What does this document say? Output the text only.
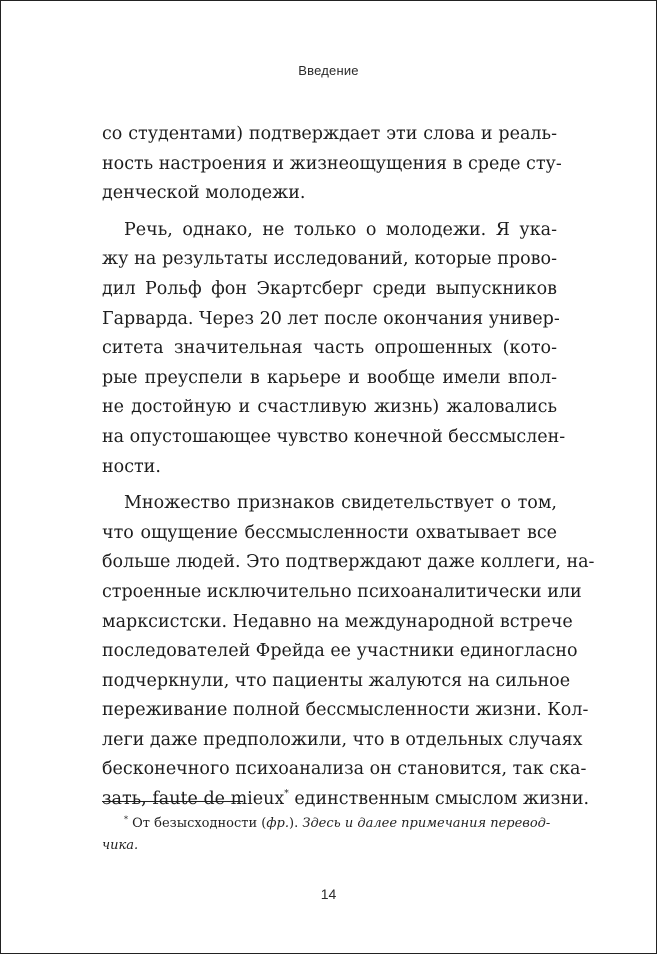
Введение
со студентами) подтверждает эти слова и реаль-
ность настроения и жизнеощущения в среде сту-
денческой молодежи.
Речь, однако, не только о молодежи. Я ука-
жу на результаты исследований, которые прово-
дил Рольф фон Экартсберг среди выпускников
Гарварда. Через 20 лет после окончания универ-
ситета значительная часть опрошенных (кото-
рые преуспели в карьере и вообще имели впол-
не достойную и счастливую жизнь) жаловались
на опустошающее чувство конечной бессмыслен-
ности.
Множество признаков свидетельствует о том,
что ощущение бессмысленности охватывает все
больше людей. Это подтверждают даже коллеги, на-
строенные исключительно психоаналитически или
марксистски. Недавно на международной встрече
последователей Фрейда ее участники единогласно
подчеркнули, что пациенты жалуются на сильное
переживание полной бессмысленности жизни. Кол-
леги даже предположили, что в отдельных случаях
бесконечного психоанализа он становится, так ска-
зать, faute de mieux* единственным смыслом жизни.
* От безысходности (фр.). Здесь и далее примечания перевод-
чика.
14
